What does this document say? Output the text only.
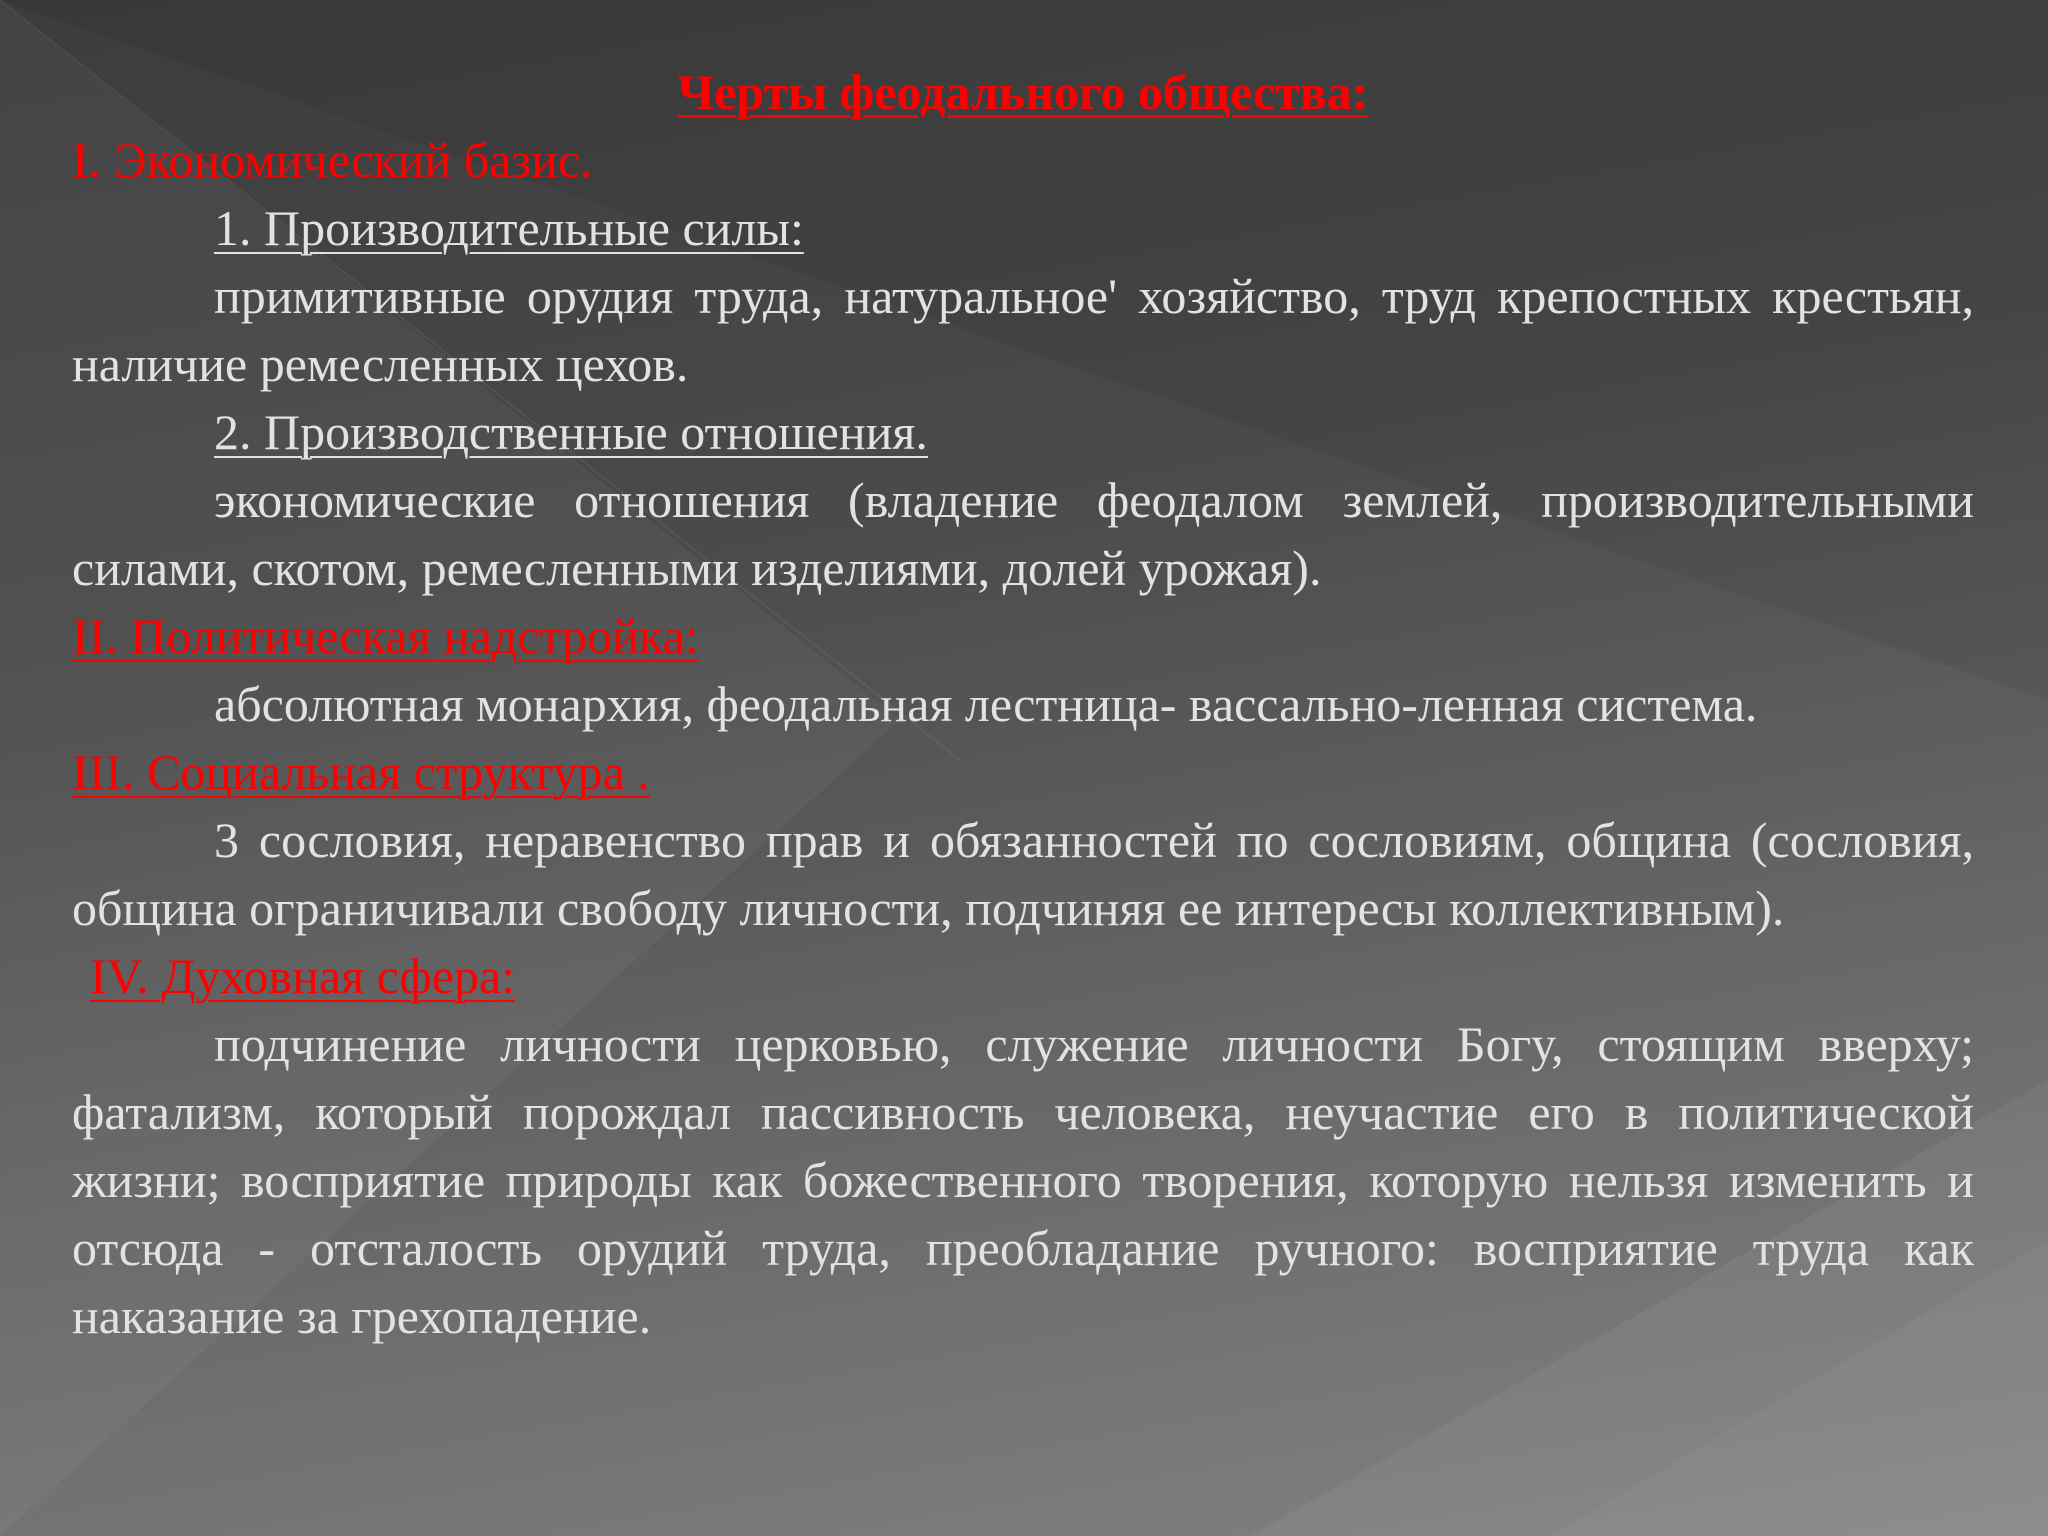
Черты феодального общества:

I. Экономический базис.

1. Производительные силы:

примитивные орудия труда, натуральное' хозяйство, труд крепостных крестьян, наличие ремесленных цехов.

2. Производственные отношения.

экономические отношения (владение феодалом землей, производительными силами, скотом, ремесленными изделиями, долей урожая).

II. Политическая надстройка:

абсолютная монархия, феодальная лестница- вассально-ленная система.

III. Социальная структура .

3 сословия, неравенство прав и обязанностей по сословиям, община (сословия, община ограничивали свободу личности, подчиняя ее интересы коллективным).

IV. Духовная сфера:

подчинение личности церковью, служение личности Богу, стоящим вверху; фатализм, который порождал пассивность человека, неучастие его в политической жизни; восприятие природы как божественного творения, которую нельзя изменить и отсюда - отсталость орудий труда, преобладание ручного: восприятие труда как наказание за грехопадение.
